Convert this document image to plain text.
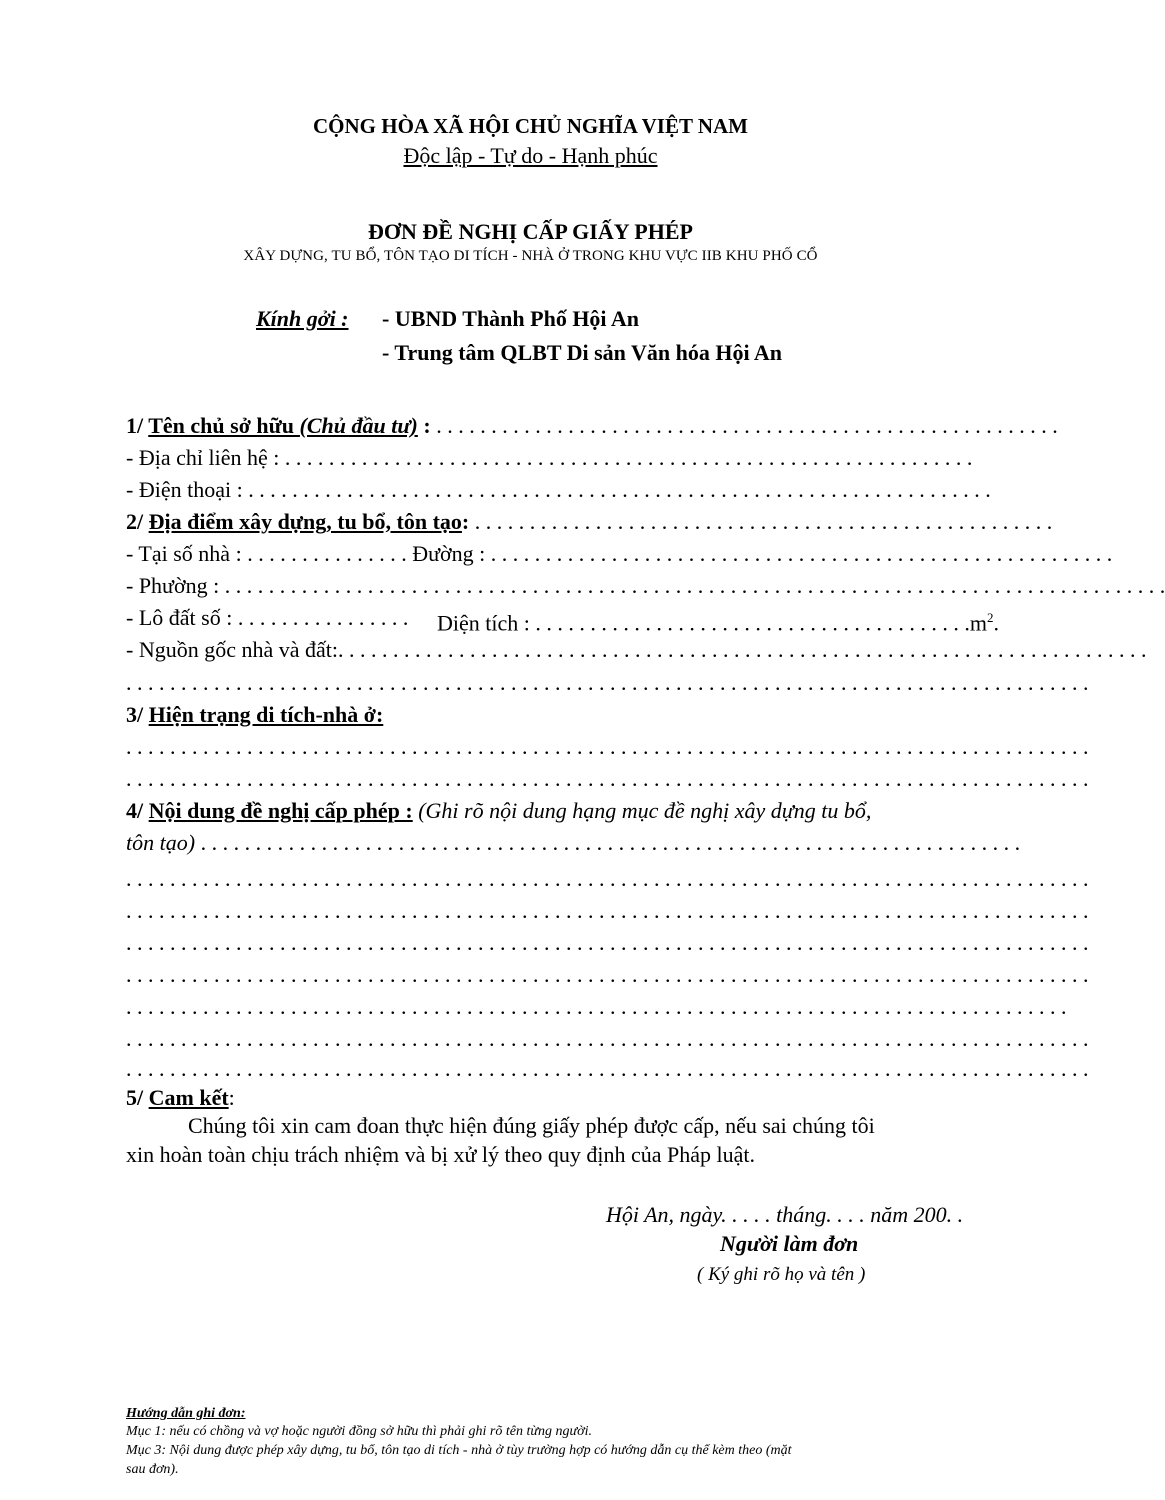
CỘNG HÒA XÃ HỘI CHỦ NGHĨA VIỆT NAM
Độc lập - Tự do - Hạnh phúc
ĐƠN ĐỀ NGHỊ CẤP GIẤY PHÉP
XÂY DỰNG, TU BỔ, TÔN TẠO DI TÍCH - NHÀ Ở TRONG KHU VỰC IIB KHU PHỐ CỔ
Kính gởi : - UBND Thành Phố Hội An
- Trung tâm QLBT Di sản Văn hóa Hội An
1/ Tên chủ sở hữu (Chủ đầu tư) : . . . . . . . . . . . . . . . . . . . . . . . . . . . . . . . . . . . . . . . . . . . . . . . . . . . . . . . . .
- Địa chỉ liên hệ : . . . . . . . . . . . . . . . . . . . . . . . . . . . . . . . . . . . . . . . . . . . . . . . . . . . . . . . . . . . . . . .
- Điện thoại : . . . . . . . . . . . . . . . . . . . . . . . . . . . . . . . . . . . . . . . . . . . . . . . . . . . . . . . . . . . . . . . . . . . .
2/ Địa điểm xây dựng, tu bổ, tôn tạo: . . . . . . . . . . . . . . . . . . . . . . . . . . . . . . . . . . . . . . . . . . . . . . . . . . . . .
- Tại số nhà : . . . . . . . . . . . . . . . Đường : . . . . . . . . . . . . . . . . . . . . . . . . . . . . . . . . . . . . . . . . . . . . . . . . . . . . . . . . .
- Phường : . . . . . . . . . . . . . . . . . . . . . . . . . . . . . . . . . . . . . . . . . . . . . . . . . . . . . . . . . . . . . . . . . . . . . . . . . . . . . . . . . . . . . .
- Lô đất số : . . . . . . . . . . . . . . . . Diện tích : . . . . . . . . . . . . . . . . . . . . . . . . . . . . . . . . . . . . . . . $.m^2$.
- Nguồn gốc nhà và đất:. . . . . . . . . . . . . . . . . . . . . . . . . . . . . . . . . . . . . . . . . . . . . . . . . . . . . . . . . . . . . . . . . . . . . . . . . .
. . . . . . . . . . . . . . . . . . . . . . . . . . . . . . . . . . . . . . . . . . . . . . . . . . . . . . . . . . . . . . . . . . . . . . . . . . . . . . . . . . . . . . . .
3/ Hiện trạng di tích-nhà ở:
. . . . . . . . . . . . . . . . . . . . . . . . . . . . . . . . . . . . . . . . . . . . . . . . . . . . . . . . . . . . . . . . . . . . . . . . . . . . . . . . . . . . . . . .
. . . . . . . . . . . . . . . . . . . . . . . . . . . . . . . . . . . . . . . . . . . . . . . . . . . . . . . . . . . . . . . . . . . . . . . . . . . . . . . . . . . . . . . .
4/ Nội dung đề nghị cấp phép : (Ghi rõ nội dung hạng mục đề nghị xây dựng tu bổ,
tôn tạo) . . . . . . . . . . . . . . . . . . . . . . . . . . . . . . . . . . . . . . . . . . . . . . . . . . . . . . . . . . . . . . . . . . . . . . . . . . .
. . . . . . . . . . . . . . . . . . . . . . . . . . . . . . . . . . . . . . . . . . . . . . . . . . . . . . . . . . . . . . . . . . . . . . . . . . . . . . . . . . . . . . . .
. . . . . . . . . . . . . . . . . . . . . . . . . . . . . . . . . . . . . . . . . . . . . . . . . . . . . . . . . . . . . . . . . . . . . . . . . . . . . . . . . . . . . . . .
. . . . . . . . . . . . . . . . . . . . . . . . . . . . . . . . . . . . . . . . . . . . . . . . . . . . . . . . . . . . . . . . . . . . . . . . . . . . . . . . . . . . . . . .
. . . . . . . . . . . . . . . . . . . . . . . . . . . . . . . . . . . . . . . . . . . . . . . . . . . . . . . . . . . . . . . . . . . . . . . . . . . . . . . . . . . . . . . .
. . . . . . . . . . . . . . . . . . . . . . . . . . . . . . . . . . . . . . . . . . . . . . . . . . . . . . . . . . . . . . . . . . . . . . . . . . . . . . . . . . . . . .
. . . . . . . . . . . . . . . . . . . . . . . . . . . . . . . . . . . . . . . . . . . . . . . . . . . . . . . . . . . . . . . . . . . . . . . . . . . . . . . . . . . . . . . .
. . . . . . . . . . . . . . . . . . . . . . . . . . . . . . . . . . . . . . . . . . . . . . . . . . . . . . . . . . . . . . . . . . . . . . . . . . . . . . . . . . . . . . . .
5/ Cam kết:
Chúng tôi xin cam đoan thực hiện đúng giấy phép được cấp, nếu sai chúng tôi
xin hoàn toàn chịu trách nhiệm và bị xử lý theo quy định của Pháp luật.
Hội An, ngày. . . . . tháng. . . . năm 200. .
Người làm đơn
( Ký ghi rõ họ và tên )
Hướng dẫn ghi đơn:
Mục 1: nếu có chồng và vợ hoặc người đồng sở hữu thì phải ghi rõ tên từng người.
Mục 3: Nội dung được phép xây dựng, tu bổ, tôn tạo di tích - nhà ở tùy trường hợp có hướng dẫn cụ thể kèm theo (mặt
sau đơn).
